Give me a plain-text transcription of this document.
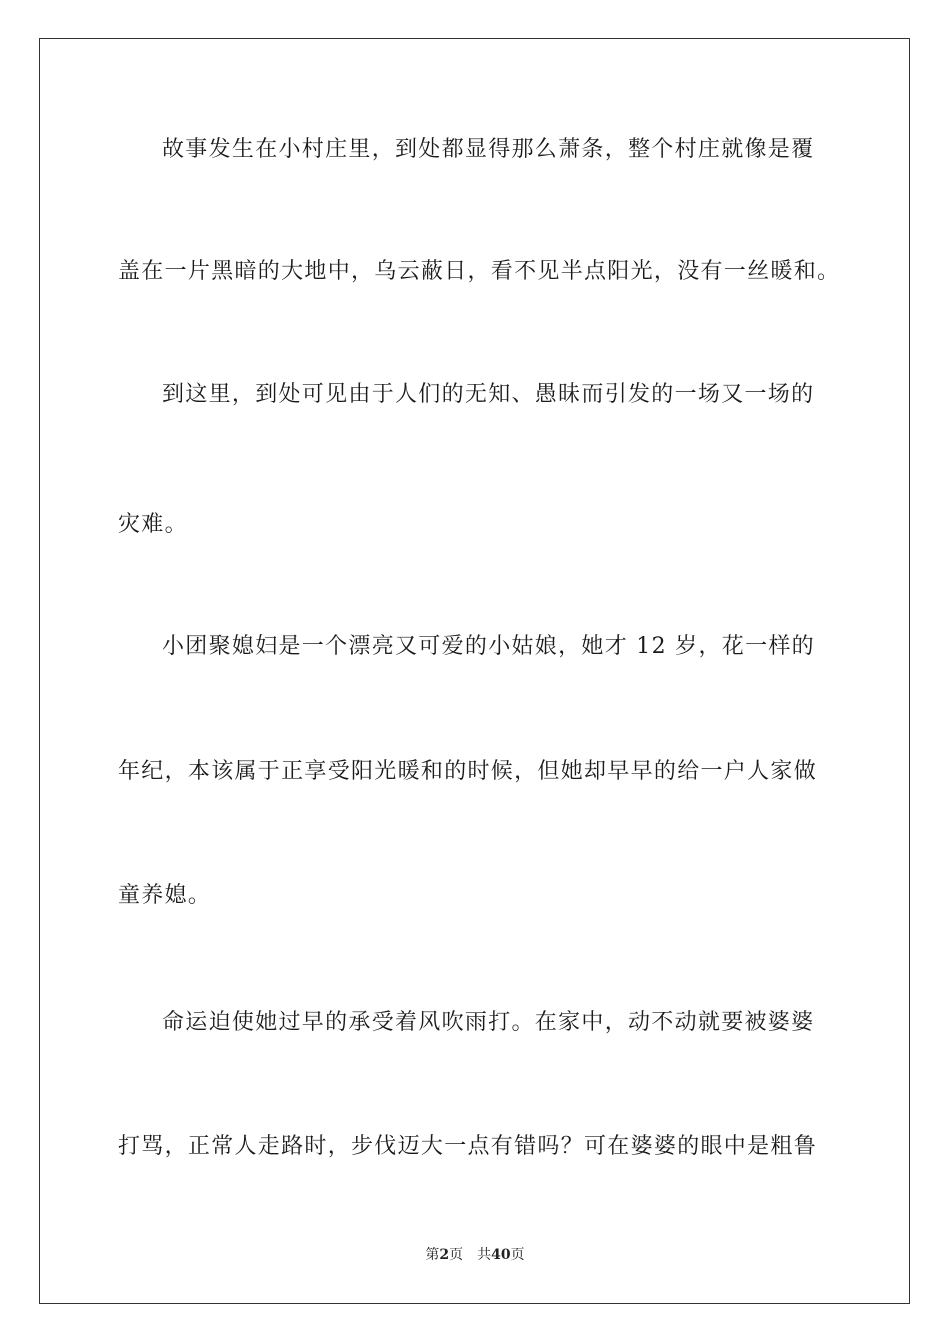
故事发生在小村庄里，到处都显得那么萧条，整个村庄就像是覆
盖在一片黑暗的大地中，乌云蔽日，看不见半点阳光，没有一丝暖和。
到这里，到处可见由于人们的无知、愚昧而引发的一场又一场的
灾难。
小团聚媳妇是一个漂亮又可爱的小姑娘，她才 12 岁，花一样的
年纪，本该属于正享受阳光暖和的时候，但她却早早的给一户人家做
童养媳。
命运迫使她过早的承受着风吹雨打。在家中，动不动就要被婆婆
打骂，正常人走路时，步伐迈大一点有错吗？可在婆婆的眼中是粗鲁
第2页 共40页
